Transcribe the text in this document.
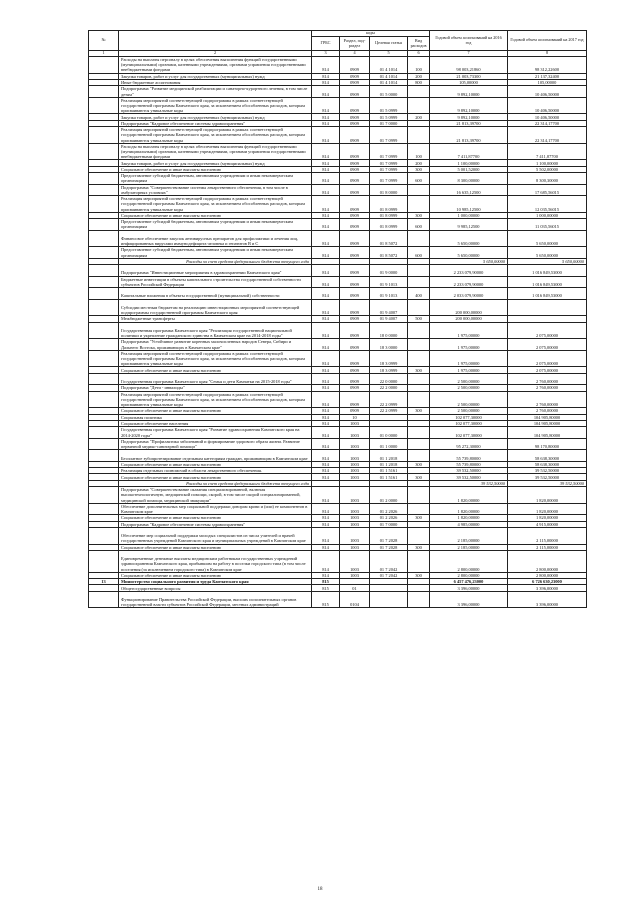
№		коды				Годовой объем ассигнований на 2016 год	Годовой объем ассигнований на 2017 год
		ГРБС	Раздел, под-раздел	Целевая статья	Вид расходов		
1	2	3	4	5	6	7	8
	Расходы на выплаты персоналу в целях обеспечения выполнения функций государственными (муниципальными) органами, казенными учреждениями, органами управления государственными внебюджетными фондами	814	0909	01 4 1014	100	98 003,21860	98 312,22600
	Закупка товаров, работ и услуг для государственных (муниципальных) нужд	814	0909	01 4 1014	200	21 003,73300	21 137,32400
	Иные бюджетные ассигнования	814	0909	01 4 1014	800	105,00000	105,00000
	Подпрограмма "Развитие медицинской реабилитации и санаторно-курортного лечения, в том числе детям"	814	0909	01 5 0000		9 892,10000	10 406,50000
	Реализация мероприятий соответствующей подпрограммы в рамках соответствующей государственной программы Камчатского края, за исключением обособленных расходов, которым присваиваются уникальные коды	814	0909	01 5 0999		9 892,10000	10 406,50000
	Закупка товаров, работ и услуг для государственных (муниципальных) нужд	814	0909	01 5 0999	200	9 892,10000	10 406,50000
	Подпрограмма "Кадровое обеспечение системы здравоохранения"	814	0909	01 7 0000		21 813,39700	22 314,17700
	Реализация мероприятий соответствующей подпрограммы в рамках соответствующей государственной программы Камчатского края, за исключением обособленных расходов, которым присваиваются уникальные коды	814	0909	01 7 0999		21 813,39700	22 314,17700
	Расходы на выплаты персоналу в целях обеспечения выполнения функций государственными (муниципальными) органами, казенными учреждениями, органами управления государственными внебюджетными фондами	814	0909	01 7 0999	100	7 411,87700	7 411,87700
	Закупка товаров, работ и услуг для государственных (муниципальных) нужд	814	0909	01 7 0999	200	1 100,00000	1 100,00000
	Социальное обеспечение и иные выплаты населению	814	0909	01 7 0999	300	5 001,52000	5 502,00000
	Предоставление субсидий бюджетным, автономным учреждениям и иным некоммерческим организациям	814	0909	01 7 0999	600	8 300,00000	8 300,30000
	Подпрограмма "Совершенствование системы лекарственного обеспечения, в том числе в амбулаторных условиях"	814	0909	01 8 0000		16 635,12500	17 685,56015
	Реализация мероприятий соответствующей подпрограммы в рамках соответствующей государственной программы Камчатского края, за исключением обособленных расходов, которым присваиваются уникальные коды	814	0909	01 8 0999		10 985,12500	12 035,56015
	Социальное обеспечение и иные выплаты населению	814	0909	01 8 0999	300	1 000,00000	1 000,00000
	Предоставление субсидий бюджетным, автономным учреждениям и иным некоммерческим организациям	814	0909	01 8 0999	600	9 985,12500	11 035,56015
	Финансовое обеспечение закупок антивирусных препаратов для профилактики и лечения лиц, инфицированных вирусами иммунодефицита человека и гепатитов В и С	814	0909	01 8 5072		5 650,00000	5 650,00000
	Предоставление субсидий бюджетным, автономным учреждениям и иным некоммерческим организациям	814	0909	01 8 5072	600	5 650,00000	5 650,00000
	Расходы за счет средств федерального бюджета текущего года					5 650,00000	5 650,00000
	Подпрограмма "Инвестиционные мероприятия в здравоохранении Камчатского края"	814	0909	01 9 0000		2 233 079,90000	1 016 849,53000
	Бюджетные инвестиции в объекты капитального строительства государственной собственности субъектов Российской Федерации	814	0909	01 9 1013		2 233 079,90000	1 016 849,53000
	Капитальные вложения в объекты государственной (муниципальной) собственности	814	0909	01 9 1013	400	2 033 079,90000	1 016 849,53000
	Субсидии местным бюджетам на реализацию инвестиционных мероприятий соответствующей подпрограммы государственной программы Камчатского края	814	0909	01 9 4007		200 000,00000	
	Межбюджетные трансферты	814	0909	01 9 4007	500	200 000,00000	
	Государственная программа Камчатского края "Реализация государственной национальной политики и укрепление гражданского единства в Камчатском крае на 2014-2018 годы"	814	0909	18 0 0000		1 975,00000	2 075,00000
	Подпрограмма "Устойчивое развитие коренных малочисленных народов Севера, Сибири и Дальнего Востока, проживающих в Камчатском крае"	814	0909	18 3 0000		1 975,00000	2 075,00000
	Реализация мероприятий соответствующей подпрограммы в рамках соответствующей государственной программы Камчатского края, за исключением обособленных расходов, которым присваиваются уникальные коды	814	0909	18 3 0999		1 975,00000	2 075,00000
	Социальное обеспечение и иные выплаты населению	814	0909	18 3 0999	300	1 975,00000	2 075,00000
	Государственная программа Камчатского края "Семья и дети Камчатки на 2015-2018 годы"	814	0909	22 0 0000		2 500,00000	2 760,00000
	Подпрограмма "Дети - инвалиды"	814	0909	22 2 0000		2 500,00000	2 760,00000
	Реализация мероприятий соответствующей подпрограммы в рамках соответствующей государственной программы Камчатского края, за исключением обособленных расходов, которым присваиваются уникальные коды	814	0909	22 2 0999		2 500,00000	2 760,00000
	Социальное обеспечение и иные выплаты населению	814	0909	22 2 0999	300	2 500,00000	2 760,00000
	Социальная политика	814	10			102 077,30000	104 905,80000
	Социальное обеспечение населения	814	1003			102 077,30000	104 905,80000
	Государственная программа Камчатского края "Развитие здравоохранения Камчатского края на 2014-2020 годы"	814	1003	01 0 0000		102 077,30000	104 905,80000
	Подпрограмма "Профилактика заболеваний и формирование здорового образа жизни. Развитие первичной медико-санитарной помощи"	814	1003	01 1 0000		95 272,30000	98 170,80000
	Бесплатное зубопротезирование отдельным категориям граждан, проживающим в Камчатском крае	814	1003	01 1 2018		55 739,80000	58 638,30000
	Социальное обеспечение и иные выплаты населению	814	1003	01 1 2018	300	55 739,80000	58 638,30000
	Реализация отдельных полномочий в области лекарственного обеспечения.	814	1003	01 1 5161		39 532,50000	39 532,50000
	Социальное обеспечение и иные выплаты населению	814	1003	01 1 5161	300	39 532,50000	39 532,50000
	Расходы за счет средств федерального бюджета текущего года					39 532,50000	39 532,50000
	Подпрограмма "Совершенствование оказания специализированной, включая высокотехнологичную, медицинской помощи, скорой, в том числе скорой специализированной, медицинской помощи, медицинской эвакуации"	814	1003	01 2 0000		1 820,00000	1 820,00000
	Обеспечение дополнительных мер социальной поддержки донорам крови и (или) ее компонентов в Камчатском крае	814	1003	01 2 2026		1 820,00000	1 820,00000
	Социальное обеспечение и иные выплаты населению	814	1003	01 2 2026	300	1 820,00000	1 820,00000
	Подпрограмма "Кадровое обеспечение системы здравоохранения"	814	1003	01 7 0000		4 985,00000	4 915,00000
	Обеспечение мер социальной поддержки молодых специалистов из числа учителей и врачей государственных учреждений Камчатского края и муниципальных учреждений в Камчатском крае	814	1003	01 7 2028		2 185,00000	2 115,00000
	Социальное обеспечение и иные выплаты населению	814	1003	01 7 2028	300	2 185,00000	2 115,00000
	Единовременные денежные выплаты медицинским работникам государственных учреждений здравоохранения Камчатского края, прибывшим на работу в поселки городского типа (в том числе поселения (за исключением городского типа) в Камчатском крае	814	1003	01 7 2042		2 800,00000	2 800,00000
	Социальное обеспечение и иные выплаты населению	814	1003	01 7 2042	300	2 800,00000	2 800,00000
13	Министерство социального развития и труда Камчатского края	815				6 457 476,23000	6 726 630,23000
	Общегосударственные вопросы	815	01			3 396,00000	3 396,00000
	Функционирование Правительства Российской Федерации, высших исполнительных органов государственной власти субъектов Российской Федерации, местных администраций	815	0104			3 396,00000	3 396,00000
18
